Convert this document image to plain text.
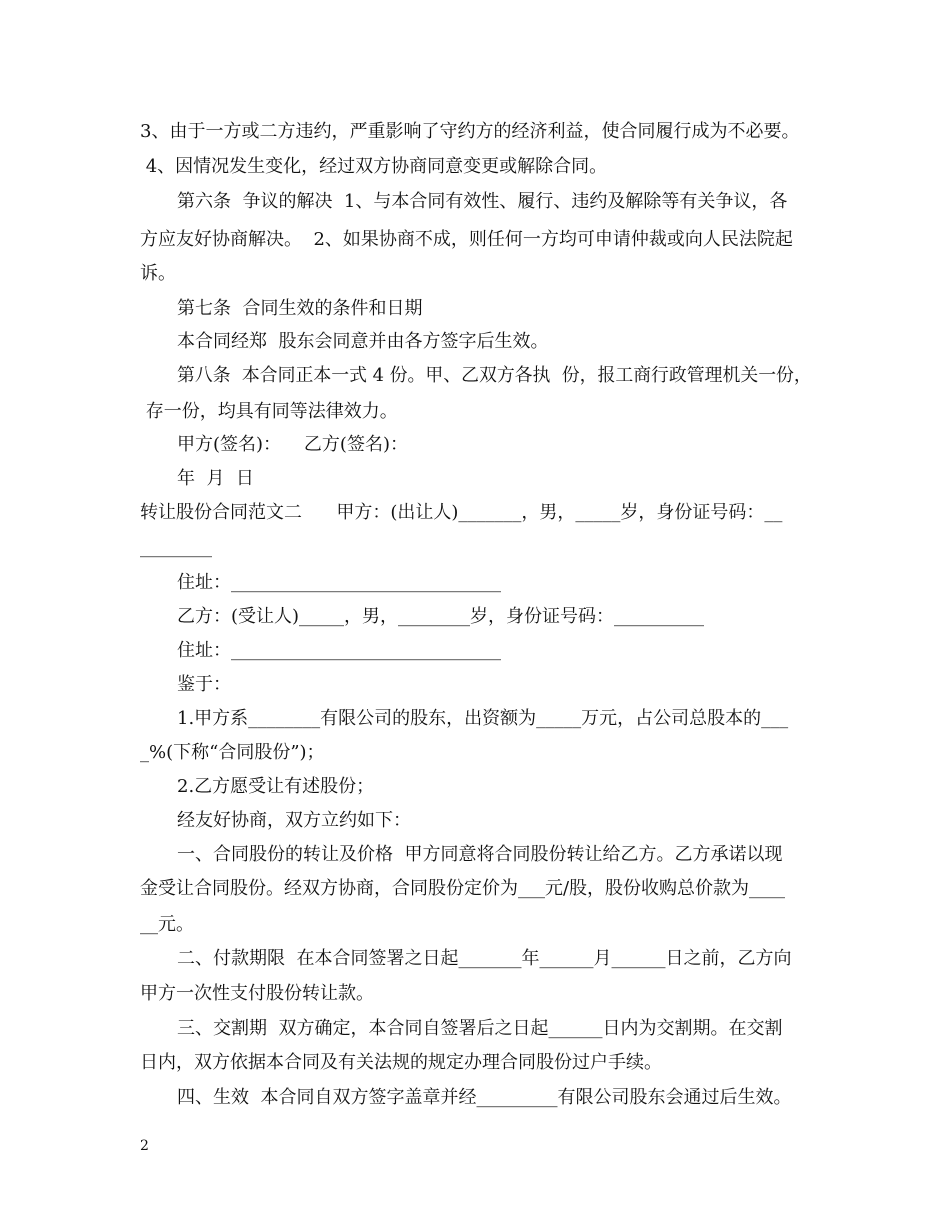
3、由于一方或二方违约，严重影响了守约方的经济利益，使合同履行成为不必要。
4、因情况发生变化，经过双方协商同意变更或解除合同。
第六条  争议的解决  1、与本合同有效性、履行、违约及解除等有关争议，各
方应友好协商解决。  2、如果协商不成，则任何一方均可申请仲裁或向人民法院起
诉。
第七条  合同生效的条件和日期
本合同经郑  股东会同意并由各方签字后生效。
第八条  本合同正本一式 4 份。甲、乙双方各执  份，报工商行政管理机关一份，
存一份，均具有同等法律效力。
甲方(签名)：    乙方(签名)：
年  月  日
转让股份合同范文二      甲方：(出让人)_______，男，_____岁，身份证号码：__
________
住址：______________________________
乙方：(受让人)_____，男，________岁，身份证号码：__________
住址：______________________________
鉴于：
1.甲方系________有限公司的股东，出资额为_____万元，占公司总股本的___
_%(下称“合同股份”)；
2.乙方愿受让有述股份；
经友好协商，双方立约如下：
一、合同股份的转让及价格  甲方同意将合同股份转让给乙方。乙方承诺以现
金受让合同股份。经双方协商，合同股份定价为___元/股，股份收购总价款为____
__元。
二、付款期限  在本合同签署之日起_______年______月______日之前，乙方向
甲方一次性支付股份转让款。
三、交割期  双方确定，本合同自签署后之日起______日内为交割期。在交割
日内，双方依据本合同及有关法规的规定办理合同股份过户手续。
四、生效  本合同自双方签字盖章并经_________有限公司股东会通过后生效。
2
